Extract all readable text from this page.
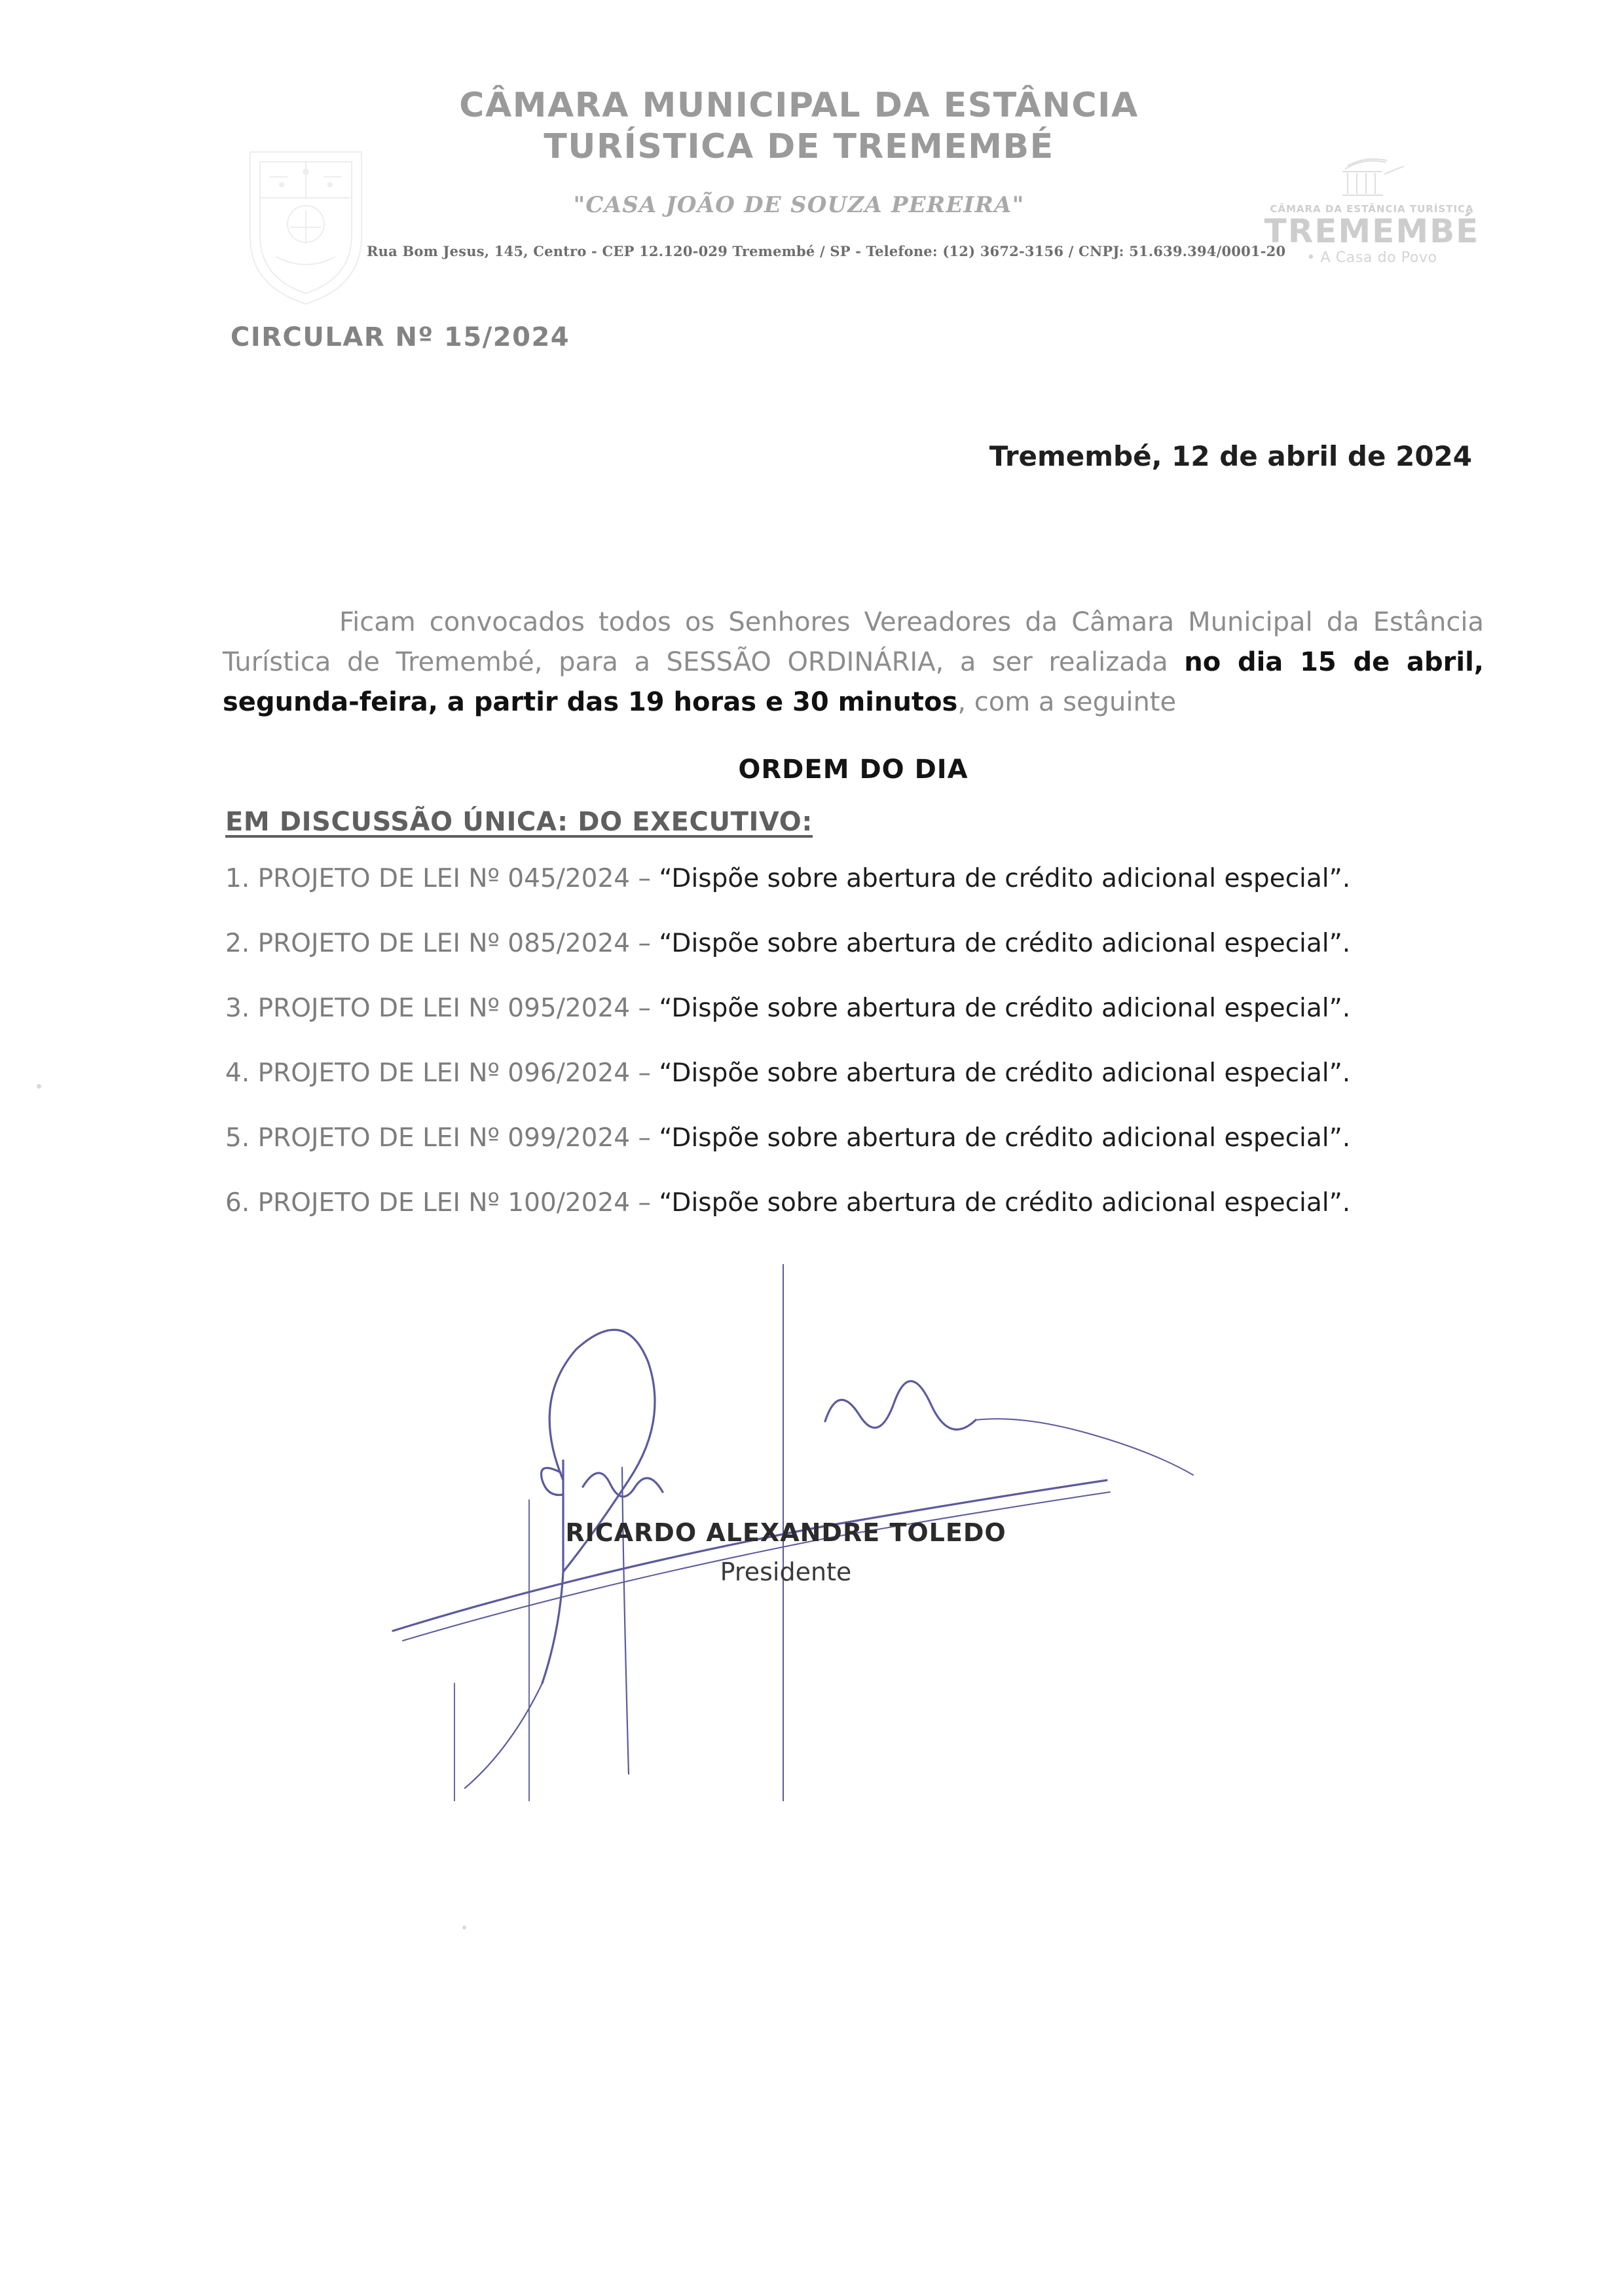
CÂMARA MUNICIPAL DA ESTÂNCIA
TURÍSTICA DE TREMEMBÉ
"CASA JOÃO DE SOUZA PEREIRA"
Rua Bom Jesus, 145, Centro - CEP 12.120-029 Tremembé / SP - Telefone: (12) 3672-3156 / CNPJ: 51.639.394/0001-20
CÂMARA DA ESTÂNCIA TURÍSTICA
TREMEMBÉ
• A Casa do Povo
CIRCULAR Nº 15/2024
Tremembé, 12 de abril de 2024

Ficam convocados todos os Senhores Vereadores da Câmara Municipal da Estância Turística de Tremembé, para a SESSÃO ORDINÁRIA, a ser realizada no dia 15 de abril, segunda-feira, a partir das 19 horas e 30 minutos, com a seguinte

ORDEM DO DIA
EM DISCUSSÃO ÚNICA: DO EXECUTIVO:
1. PROJETO DE LEI Nº 045/2024 – “Dispõe sobre abertura de crédito adicional especial”.
2. PROJETO DE LEI Nº 085/2024 – “Dispõe sobre abertura de crédito adicional especial”.
3. PROJETO DE LEI Nº 095/2024 – “Dispõe sobre abertura de crédito adicional especial”.
4. PROJETO DE LEI Nº 096/2024 – “Dispõe sobre abertura de crédito adicional especial”.
5. PROJETO DE LEI Nº 099/2024 – “Dispõe sobre abertura de crédito adicional especial”.
6. PROJETO DE LEI Nº 100/2024 – “Dispõe sobre abertura de crédito adicional especial”.
RICARDO ALEXANDRE TOLEDO
Presidente
